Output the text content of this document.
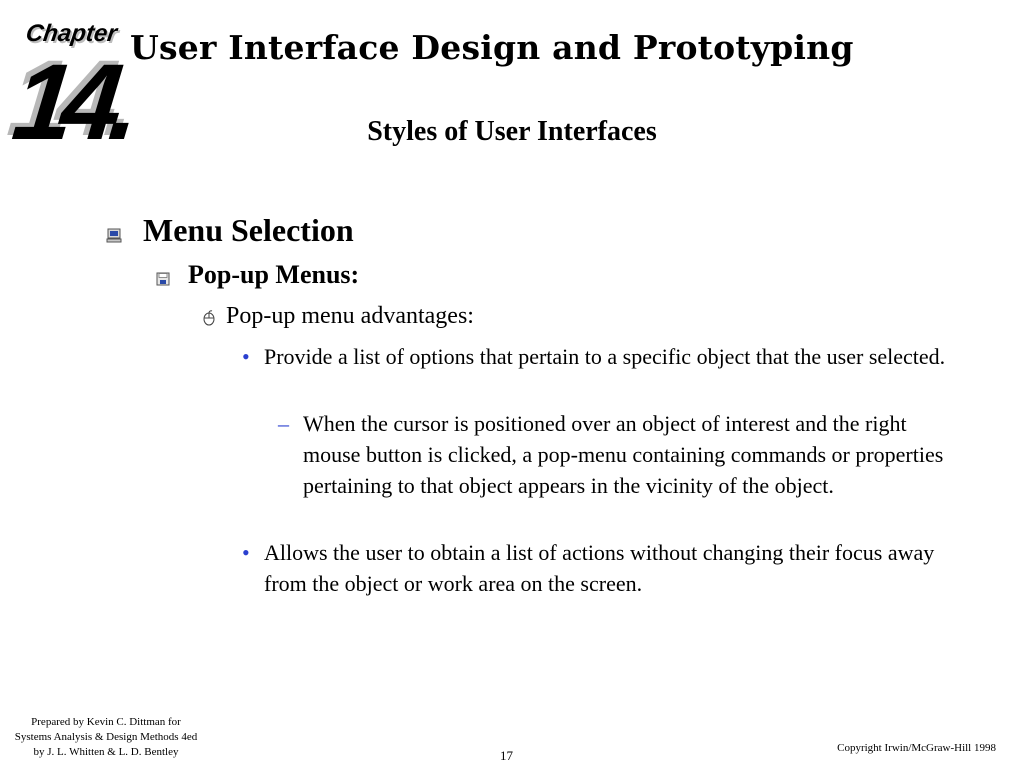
Chapter
14.
User Interface Design and Prototyping
Styles of User Interfaces
Menu Selection
Pop-up Menus:
Pop-up menu advantages:
• Provide a list of options that pertain to a specific object that the user selected.
– When the cursor is positioned over an object of interest and the right mouse button is clicked, a pop-menu containing commands or properties pertaining to that object appears in the vicinity of the object.
• Allows the user to obtain a list of actions without changing their focus away from the object or work area on the screen.
Prepared by Kevin C. Dittman for
Systems Analysis & Design Methods 4ed
by J. L. Whitten & L. D. Bentley	17	Copyright Irwin/McGraw-Hill 1998
